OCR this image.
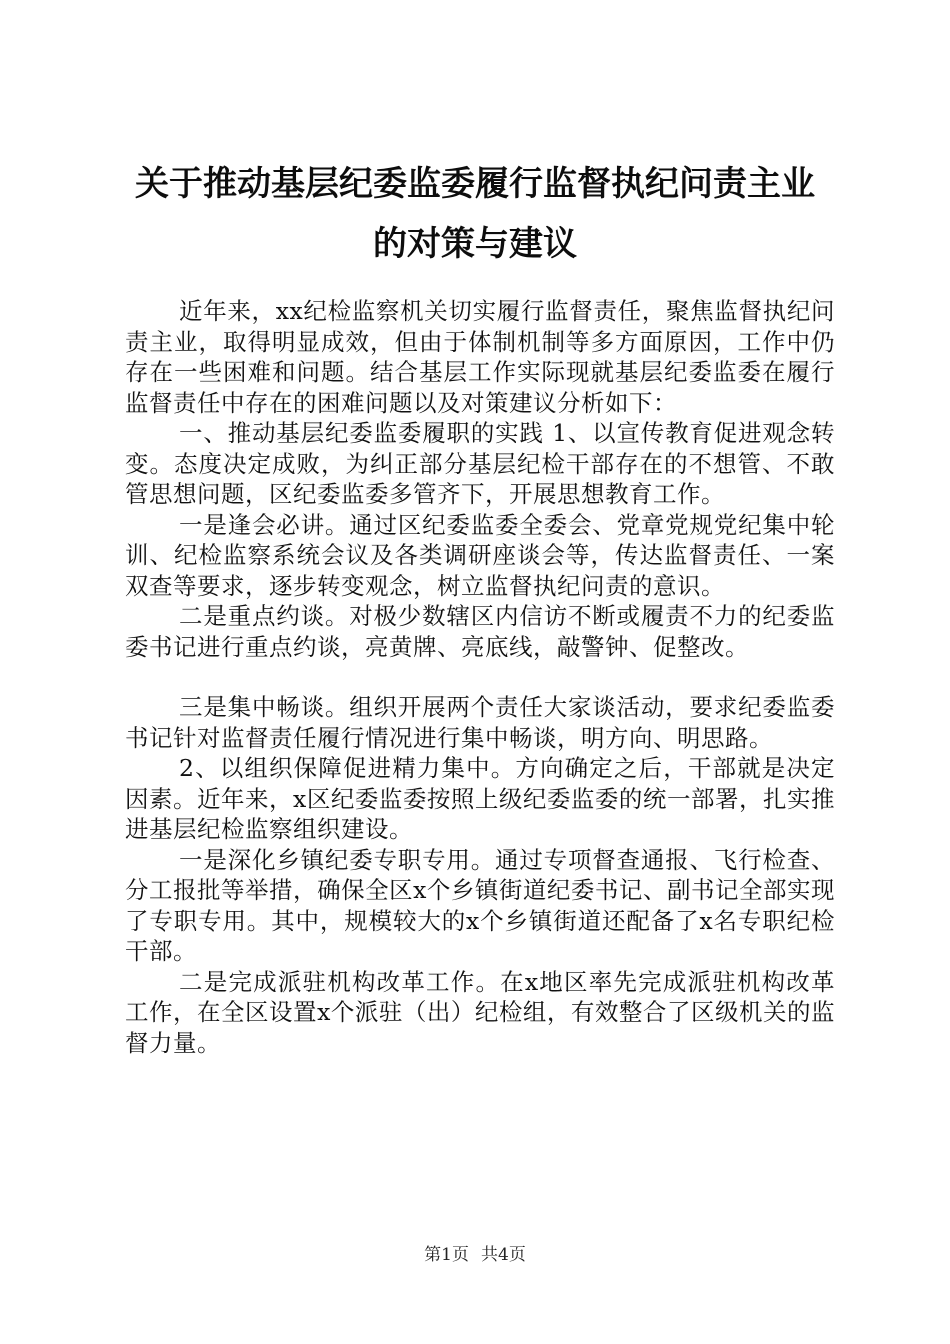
关于推动基层纪委监委履行监督执纪问责主业
的对策与建议

近年来，xx纪检监察机关切实履行监督责任，聚焦监督执纪问责主业，取得明显成效，但由于体制机制等多方面原因，工作中仍存在一些困难和问题。结合基层工作实际现就基层纪委监委在履行监督责任中存在的困难问题以及对策建议分析如下：

一、推动基层纪委监委履职的实践 1、以宣传教育促进观念转变。态度决定成败，为纠正部分基层纪检干部存在的不想管、不敢管思想问题，区纪委监委多管齐下，开展思想教育工作。

一是逢会必讲。通过区纪委监委全委会、党章党规党纪集中轮训、纪检监察系统会议及各类调研座谈会等，传达监督责任、一案双查等要求，逐步转变观念，树立监督执纪问责的意识。

二是重点约谈。对极少数辖区内信访不断或履责不力的纪委监委书记进行重点约谈，亮黄牌、亮底线，敲警钟、促整改。

三是集中畅谈。组织开展两个责任大家谈活动，要求纪委监委书记针对监督责任履行情况进行集中畅谈，明方向、明思路。

2、以组织保障促进精力集中。方向确定之后，干部就是决定因素。近年来，x区纪委监委按照上级纪委监委的统一部署，扎实推进基层纪检监察组织建设。

一是深化乡镇纪委专职专用。通过专项督查通报、飞行检查、分工报批等举措，确保全区x个乡镇街道纪委书记、副书记全部实现了专职专用。其中，规模较大的x个乡镇街道还配备了x名专职纪检干部。

二是完成派驻机构改革工作。在x地区率先完成派驻机构改革工作，在全区设置x个派驻（出）纪检组，有效整合了区级机关的监督力量。

第1页 共4页
